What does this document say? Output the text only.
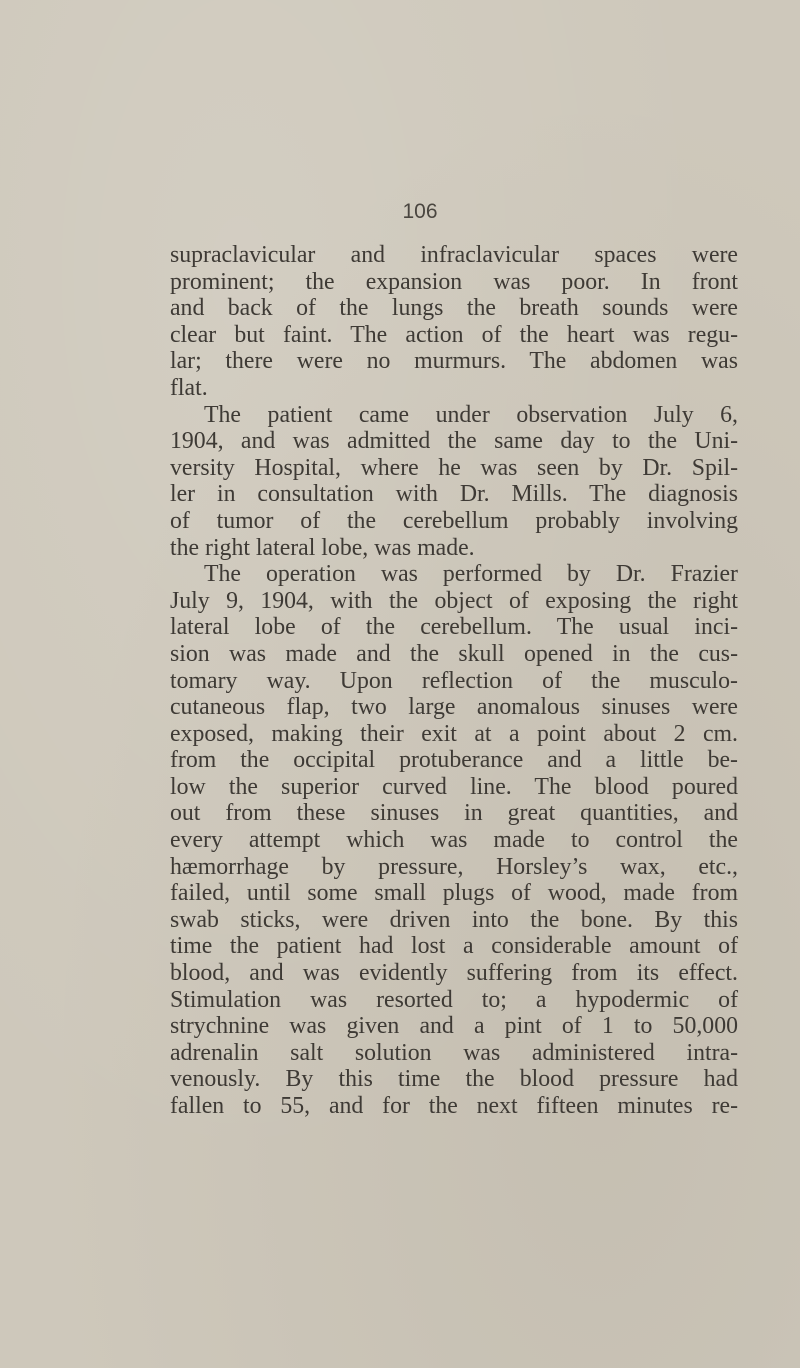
106
supraclavicular and infraclavicular spaces were
prominent; the expansion was poor. In front
and back of the lungs the breath sounds were
clear but faint. The action of the heart was regu-
lar; there were no murmurs. The abdomen was
flat.
The patient came under observation July 6,
1904, and was admitted the same day to the Uni-
versity Hospital, where he was seen by Dr. Spil-
ler in consultation with Dr. Mills. The diagnosis
of tumor of the cerebellum probably involving
the right lateral lobe, was made.
The operation was performed by Dr. Frazier
July 9, 1904, with the object of exposing the right
lateral lobe of the cerebellum. The usual inci-
sion was made and the skull opened in the cus-
tomary way. Upon reflection of the musculo-
cutaneous flap, two large anomalous sinuses were
exposed, making their exit at a point about 2 cm.
from the occipital protuberance and a little be-
low the superior curved line. The blood poured
out from these sinuses in great quantities, and
every attempt which was made to control the
hæmorrhage by pressure, Horsley’s wax, etc.,
failed, until some small plugs of wood, made from
swab sticks, were driven into the bone. By this
time the patient had lost a considerable amount of
blood, and was evidently suffering from its effect.
Stimulation was resorted to; a hypodermic of
strychnine was given and a pint of 1 to 50,000
adrenalin salt solution was administered intra-
venously. By this time the blood pressure had
fallen to 55, and for the next fifteen minutes re-
